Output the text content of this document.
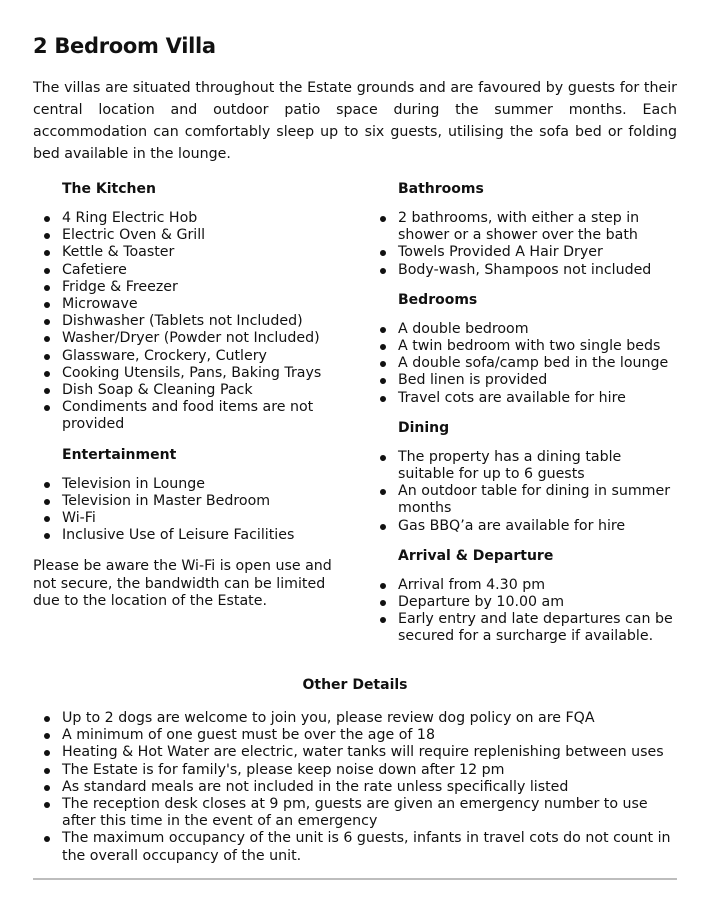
2 Bedroom Villa

The villas are situated throughout the Estate grounds and are favoured by guests for their central location and outdoor patio space during the summer months. Each accommodation can comfortably sleep up to six guests, utilising the sofa bed or folding bed available in the lounge.

The Kitchen
4 Ring Electric Hob
Electric Oven & Grill
Kettle & Toaster
Cafetiere
Fridge & Freezer
Microwave
Dishwasher (Tablets not Included)
Washer/Dryer (Powder not Included)
Glassware, Crockery, Cutlery
Cooking Utensils, Pans, Baking Trays
Dish Soap & Cleaning Pack
Condiments and food items are not provided
Entertainment
Television in Lounge
Television in Master Bedroom
Wi-Fi
Inclusive Use of Leisure Facilities

Please be aware the Wi-Fi is open use and not secure, the bandwidth can be limited due to the location of the Estate.

Bathrooms
2 bathrooms, with either a step in shower or a shower over the bath
Towels Provided A Hair Dryer
Body-wash, Shampoos not included
Bedrooms
A double bedroom
A twin bedroom with two single beds
A double sofa/camp bed in the lounge
Bed linen is provided
Travel cots are available for hire
Dining
The property has a dining table suitable for up to 6 guests
An outdoor table for dining in summer months
Gas BBQ’a are available for hire
Arrival & Departure
Arrival from 4.30 pm
Departure by 10.00 am
Early entry and late departures can be secured for a surcharge if available.
Other Details
Up to 2 dogs are welcome to join you, please review dog policy on are FQA
A minimum of one guest must be over the age of 18
Heating & Hot Water are electric, water tanks will require replenishing between uses
The Estate is for family's, please keep noise down after 12 pm
As standard meals are not included in the rate unless specifically listed
The reception desk closes at 9 pm, guests are given an emergency number to use after this time in the event of an emergency
The maximum occupancy of the unit is 6 guests, infants in travel cots do not count in the overall occupancy of the unit.
